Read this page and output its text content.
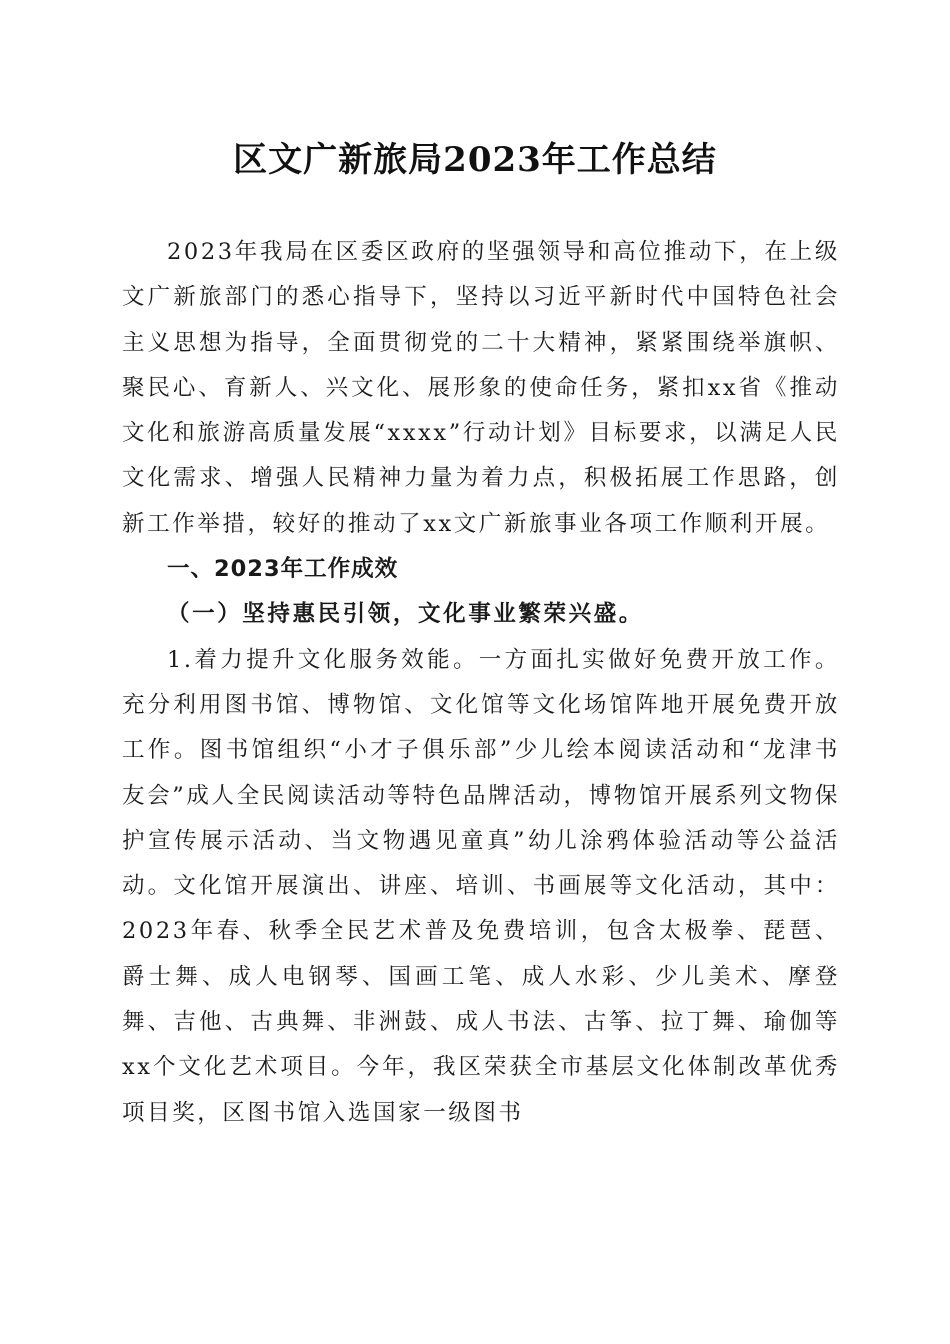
区文广新旅局2023年工作总结

2023年我局在区委区政府的坚强领导和高位推动下，在上级文广新旅部门的悉心指导下，坚持以习近平新时代中国特色社会主义思想为指导，全面贯彻党的二十大精神，紧紧围绕举旗帜、聚民心、育新人、兴文化、展形象的使命任务，紧扣xx省《推动文化和旅游高质量发展“xxxx”行动计划》目标要求，以满足人民文化需求、增强人民精神力量为着力点，积极拓展工作思路，创新工作举措，较好的推动了xx文广新旅事业各项工作顺利开展。

一、2023年工作成效

（一）坚持惠民引领，文化事业繁荣兴盛。

1.着力提升文化服务效能。一方面扎实做好免费开放工作。充分利用图书馆、博物馆、文化馆等文化场馆阵地开展免费开放工作。图书馆组织“小才子俱乐部”少儿绘本阅读活动和“龙津书友会”成人全民阅读活动等特色品牌活动，博物馆开展系列文物保护宣传展示活动、当文物遇见童真”幼儿涂鸦体验活动等公益活动。文化馆开展演出、讲座、培训、书画展等文化活动，其中：2023年春、秋季全民艺术普及免费培训，包含太极拳、琵琶、爵士舞、成人电钢琴、国画工笔、成人水彩、少儿美术、摩登舞、吉他、古典舞、非洲鼓、成人书法、古筝、拉丁舞、瑜伽等xx个文化艺术项目。今年，我区荣获全市基层文化体制改革优秀项目奖，区图书馆入选国家一级图书
